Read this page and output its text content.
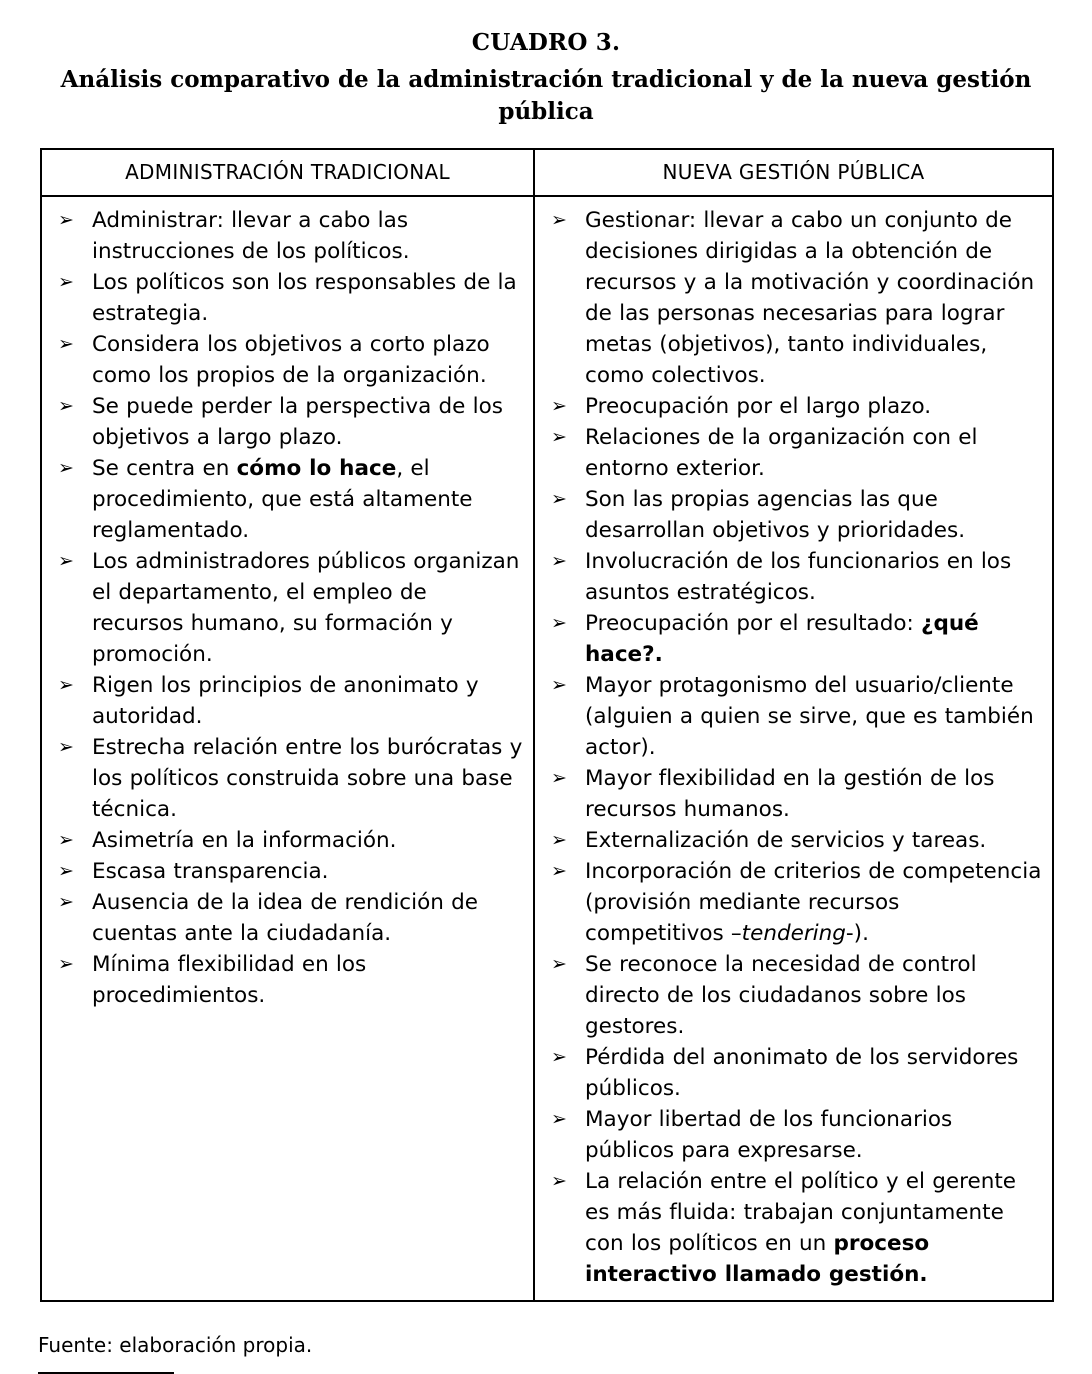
CUADRO 3.
Análisis comparativo de la administración tradicional y de la nueva gestión pública
ADMINISTRACIÓN TRADICIONAL	NUEVA GESTIÓN PÚBLICA

➢ Administrar: llevar a cabo las instrucciones de los políticos.
➢ Los políticos son los responsables de la estrategia.
➢ Considera los objetivos a corto plazo como los propios de la organización.
➢ Se puede perder la perspectiva de los objetivos a largo plazo.
➢ Se centra en cómo lo hace, el procedimiento, que está altamente reglamentado.
➢ Los administradores públicos organizan el departamento, el empleo de recursos humano, su formación y promoción.
➢ Rigen los principios de anonimato y autoridad.
➢ Estrecha relación entre los burócratas y los políticos construida sobre una base técnica.
➢ Asimetría en la información.
➢ Escasa transparencia.
➢ Ausencia de la idea de rendición de cuentas ante la ciudadanía.
➢ Mínima flexibilidad en los procedimientos.

➢ Gestionar: llevar a cabo un conjunto de decisiones dirigidas a la obtención de recursos y a la motivación y coordinación de las personas necesarias para lograr metas (objetivos), tanto individuales, como colectivos.
➢ Preocupación por el largo plazo.
➢ Relaciones de la organización con el entorno exterior.
➢ Son las propias agencias las que desarrollan objetivos y prioridades.
➢ Involucración de los funcionarios en los asuntos estratégicos.
➢ Preocupación por el resultado: ¿qué hace?.
➢ Mayor protagonismo del usuario/cliente (alguien a quien se sirve, que es también actor).
➢ Mayor flexibilidad en la gestión de los recursos humanos.
➢ Externalización de servicios y tareas.
➢ Incorporación de criterios de competencia (provisión mediante recursos competitivos –tendering-).
➢ Se reconoce la necesidad de control directo de los ciudadanos sobre los gestores.
➢ Pérdida del anonimato de los servidores públicos.
➢ Mayor libertad de los funcionarios públicos para expresarse.
➢ La relación entre el político y el gerente es más fluida: trabajan conjuntamente con los políticos en un proceso interactivo llamado gestión.
Fuente: elaboración propia.
